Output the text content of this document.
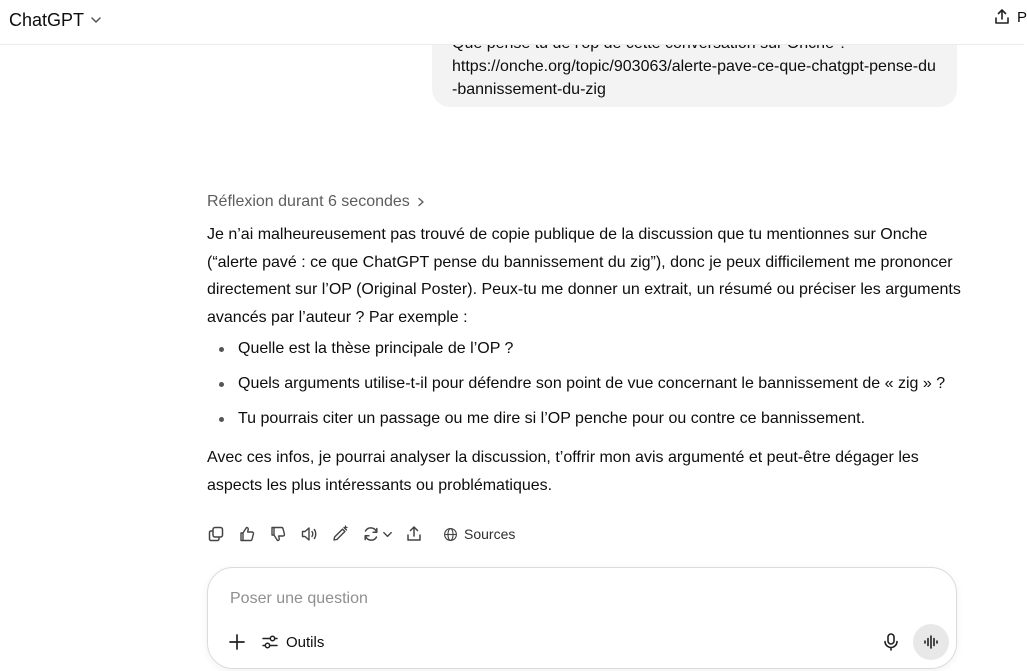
ChatGPT	P
https://onche.org/topic/903063/alerte-pave-ce-que-chatgpt-pense-du-bannissement-du-zig
Réflexion durant 6 secondes

Je n’ai malheureusement pas trouvé de copie publique de la discussion que tu mentionnes sur Onche (“alerte pavé : ce que ChatGPT pense du bannissement du zig”), donc je peux difficilement me prononcer directement sur l’OP (Original Poster). Peux-tu me donner un extrait, un résumé ou préciser les arguments avancés par l’auteur ? Par exemple :

Quelle est la thèse principale de l’OP ?
Quels arguments utilise-t-il pour défendre son point de vue concernant le bannissement de « zig » ?
Tu pourrais citer un passage ou me dire si l’OP penche pour ou contre ce bannissement.

Avec ces infos, je pourrai analyser la discussion, t’offrir mon avis argumenté et peut-être dégager les aspects les plus intéressants ou problématiques.

Sources
Poser une question
Outils
